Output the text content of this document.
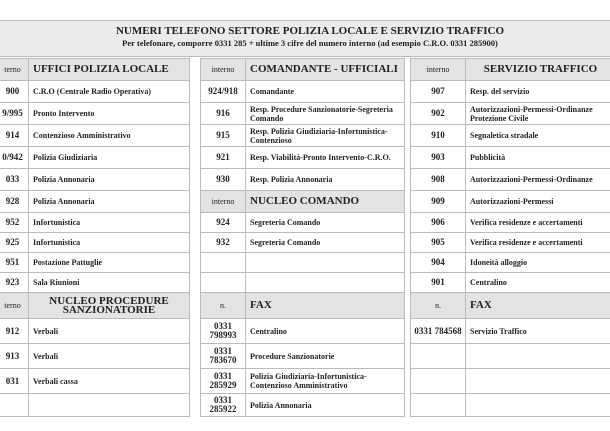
NUMERI TELEFONO SETTORE POLIZIA LOCALE E SERVIZIO TRAFFICO
Per telefonare, comporre 0331 285 + ultime 3 cifre del numero interno (ad esempio C.R.O. 0331 285900)
terno	UFFICI POLIZIA LOCALE
900	C.R.O (Centrale Radio Operativa)
9/995	Pronto Intervento
914	Contenzioso Amministrativo
0/942	Polizia Giudiziaria
033	Polizia Annonaria
928	Polizia Annonaria
952	Infortunistica
925	Infortunistica
951	Postazione Pattuglie
923	Sala Riunioni
terno	NUCLEO PROCEDURE SANZIONATORIE
912	Verbali
913	Verbali
031	Verbali cassa

interno	COMANDANTE - UFFICIALI
924/918	Comandante
916	Resp. Procedure Sanzionatorie-Segreteria Comando
915	Resp. Polizia Giudiziaria-Infortunistica-Contenzioso
921	Resp. Viabilità-Pronto Intervento-C.R.O.
930	Resp. Polizia Annonaria
interno	NUCLEO COMANDO
924	Segreteria Comando
932	Segreteria Comando

n.	FAX
0331 798993	Centralino
0331 783670	Procedure Sanzionatorie
0331 285929	Polizia Giudiziaria-Infortunistica-Contenzioso Amministrativo
0331 285922	Polizia Annonaria
interno	SERVIZIO TRAFFICO
907	Resp. del servizio
902	Autorizzazioni-Permessi-Ordinanze Protezione Civile
910	Segnaletica stradale
903	Pubblicità
908	Autorizzazioni-Permessi-Ordinanze
909	Autorizzazioni-Permessi
906	Verifica residenze e accertamenti
905	Verifica residenze e accertamenti
904	Idoneità alloggio
901	Centralino
n.	FAX
0331 784568	Servizio Traffico
